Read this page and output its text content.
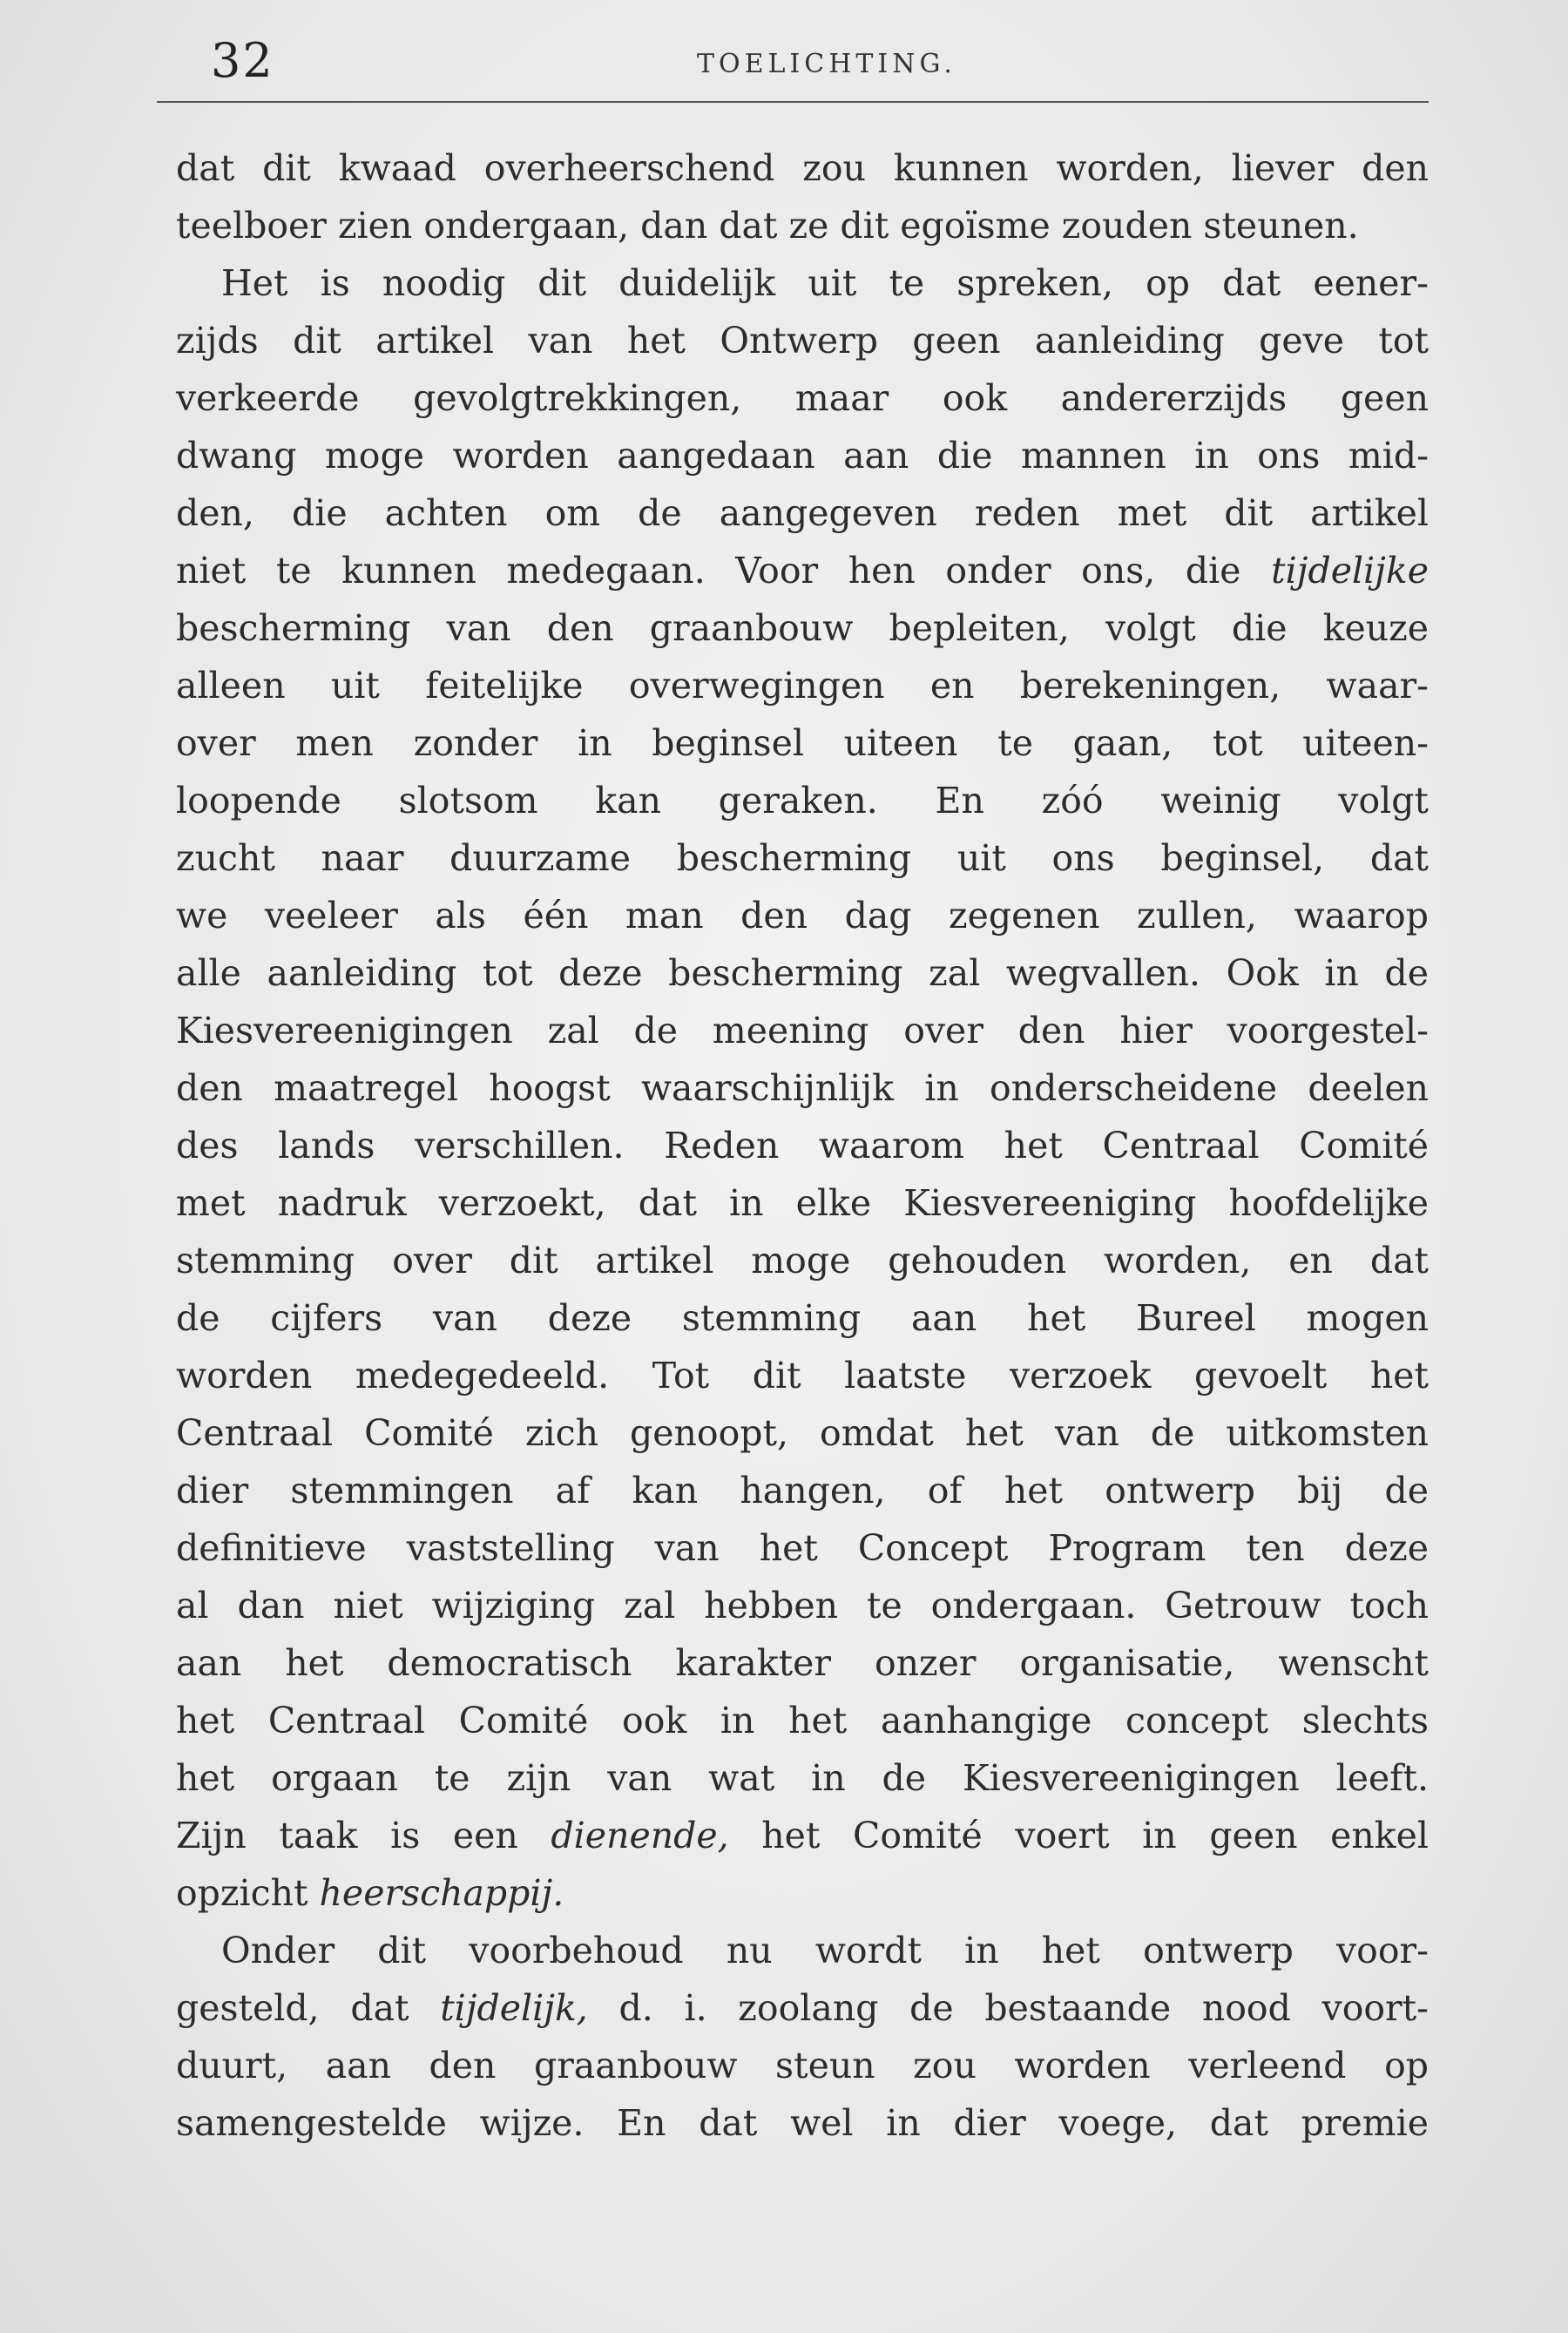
32	TOELICHTING.
dat dit kwaad overheerschend zou kunnen worden, liever den
teelboer zien ondergaan, dan dat ze dit egoïsme zouden steunen.
Het is noodig dit duidelijk uit te spreken, op dat eener-
zijds dit artikel van het Ontwerp geen aanleiding geve tot
verkeerde gevolgtrekkingen, maar ook andererzijds geen
dwang moge worden aangedaan aan die mannen in ons mid-
den, die achten om de aangegeven reden met dit artikel
niet te kunnen medegaan. Voor hen onder ons, die tijdelijke
bescherming van den graanbouw bepleiten, volgt die keuze
alleen uit feitelijke overwegingen en berekeningen, waar-
over men zonder in beginsel uiteen te gaan, tot uiteen-
loopende slotsom kan geraken. En zóó weinig volgt
zucht naar duurzame bescherming uit ons beginsel, dat
we veeleer als één man den dag zegenen zullen, waarop
alle aanleiding tot deze bescherming zal wegvallen. Ook in de
Kiesvereenigingen zal de meening over den hier voorgestel-
den maatregel hoogst waarschijnlijk in onderscheidene deelen
des lands verschillen. Reden waarom het Centraal Comité
met nadruk verzoekt, dat in elke Kiesvereeniging hoofdelijke
stemming over dit artikel moge gehouden worden, en dat
de cijfers van deze stemming aan het Bureel mogen
worden medegedeeld. Tot dit laatste verzoek gevoelt het
Centraal Comité zich genoopt, omdat het van de uitkomsten
dier stemmingen af kan hangen, of het ontwerp bij de
definitieve vaststelling van het Concept Program ten deze
al dan niet wijziging zal hebben te ondergaan. Getrouw toch
aan het democratisch karakter onzer organisatie, wenscht
het Centraal Comité ook in het aanhangige concept slechts
het orgaan te zijn van wat in de Kiesvereenigingen leeft.
Zijn taak is een dienende, het Comité voert in geen enkel
opzicht heerschappij.
Onder dit voorbehoud nu wordt in het ontwerp voor-
gesteld, dat tijdelijk, d. i. zoolang de bestaande nood voort-
duurt, aan den graanbouw steun zou worden verleend op
samengestelde wijze. En dat wel in dier voege, dat premie
